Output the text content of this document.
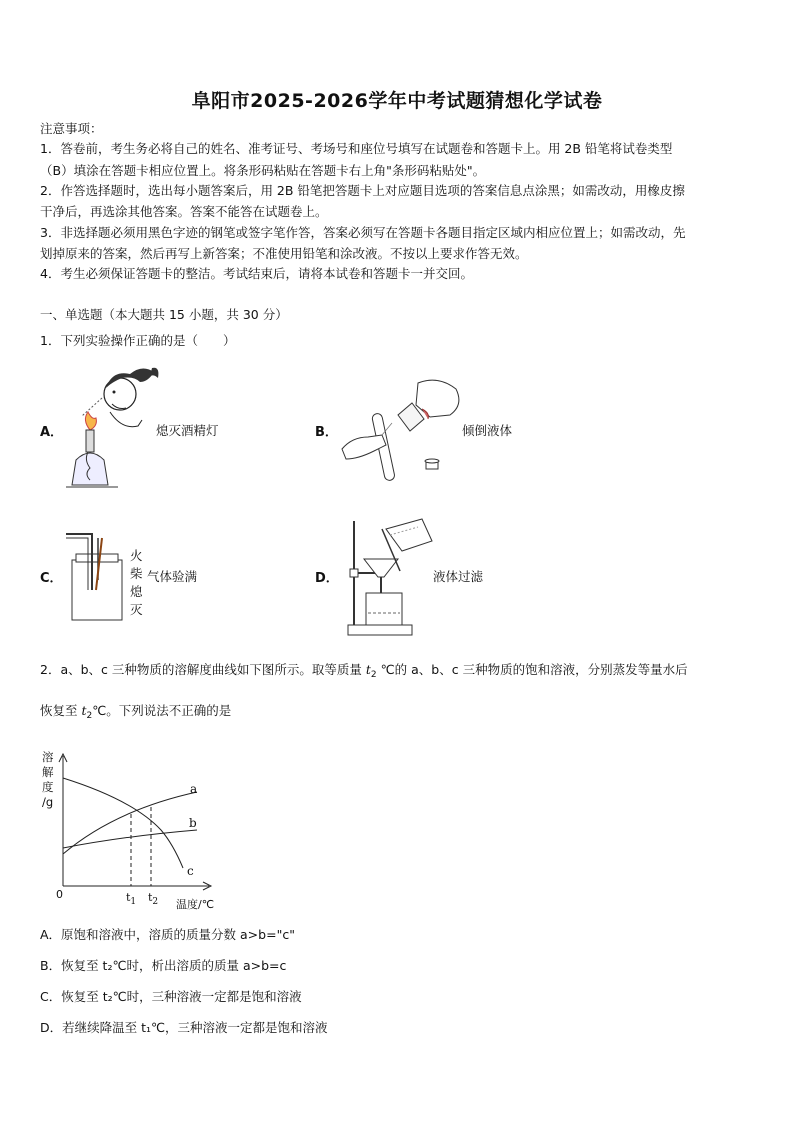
阜阳市2025-2026学年中考试题猜想化学试卷
注意事项：
1．答卷前，考生务必将自己的姓名、准考证号、考场号和座位号填写在试题卷和答题卡上。用 2B 铅笔将试卷类型
（B）填涂在答题卡相应位置上。将条形码粘贴在答题卡右上角"条形码粘贴处"。
2．作答选择题时，选出每小题答案后，用 2B 铅笔把答题卡上对应题目选项的答案信息点涂黑；如需改动，用橡皮擦
干净后，再选涂其他答案。答案不能答在试题卷上。
3．非选择题必须用黑色字迹的钢笔或签字笔作答，答案必须写在答题卡各题目指定区域内相应位置上；如需改动，先
划掉原来的答案，然后再写上新答案；不准使用铅笔和涂改液。不按以上要求作答无效。
4．考生必须保证答题卡的整洁。考试结束后，请将本试卷和答题卡一并交回。
一、单选题（本大题共 15 小题，共 30 分）
1．下列实验操作正确的是（　　）
A．	熄灭酒精灯	B．	倾倒液体
C．
火
柴
熄
灭
气体验满	D．	液体过滤
2．a、b、c 三种物质的溶解度曲线如下图所示。取等质量 $t_2$ ℃的 a、b、c 三种物质的饱和溶液，分别蒸发等量水后
恢复至 $t_2℃$。下列说法不正确的是
溶
解
度
/g
a
b
c
0	$t_1$ $t_2$ 温度/℃
A．原饱和溶液中，溶质的质量分数 a>b="c"
B．恢复至 t₂℃时，析出溶质的质量 a>b=c
C．恢复至 t₂℃时，三种溶液一定都是饱和溶液
D．若继续降温至 t₁℃，三种溶液一定都是饱和溶液
